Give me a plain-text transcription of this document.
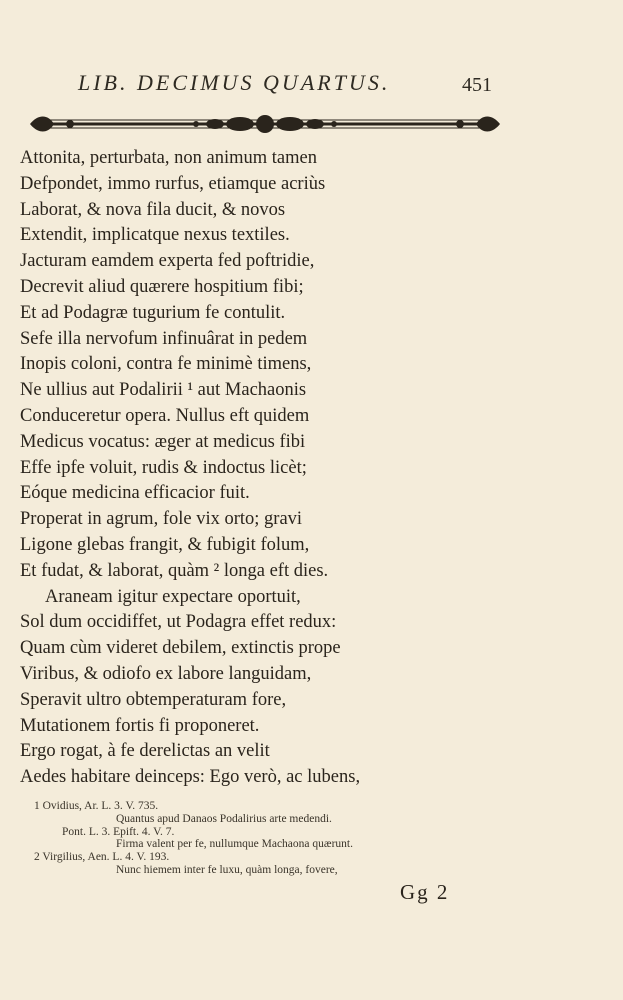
LIB. DECIMUS QUARTUS.	451
Attonita, perturbata, non animum tamen
Defpondet, immo rurfus, etiamque acriùs
Laborat, & nova fila ducit, & novos
Extendit, implicatque nexus textiles.
Jacturam eamdem experta fed poftridie,
Decrevit aliud quærere hospitium fibi;
Et ad Podagræ tugurium fe contulit.
Sefe illa nervofum infinuârat in pedem
Inopis coloni, contra fe minimè timens,
Ne ullius aut Podalirii ¹ aut Machaonis
Conduceretur opera. Nullus eft quidem
Medicus vocatus: æger at medicus fibi
Effe ipfe voluit, rudis & indoctus licèt;
Eóque medicina efficacior fuit.
Properat in agrum, fole vix orto; gravi
Ligone glebas frangit, & fubigit folum,
Et fudat, & laborat, quàm ² longa eft dies.
Araneam igitur expectare oportuit,
Sol dum occidiffet, ut Podagra effet redux:
Quam cùm videret debilem, extinctis prope
Viribus, & odiofo ex labore languidam,
Speravit ultro obtemperaturam fore,
Mutationem fortis fi proponeret.
Ergo rogat, à fe derelictas an velit
Aedes habitare deinceps: Ego verò, ac lubens,
1 Ovidius, Ar. L. 3. V. 735.
Quantus apud Danaos Podalirius arte medendi.
Pont. L. 3. Epift. 4. V. 7.
Firma valent per fe, nullumque Machaona quærunt.
2 Virgilius, Aen. L. 4. V. 193.
Nunc hiemem inter fe luxu, quàm longa, fovere,
Gg 2
